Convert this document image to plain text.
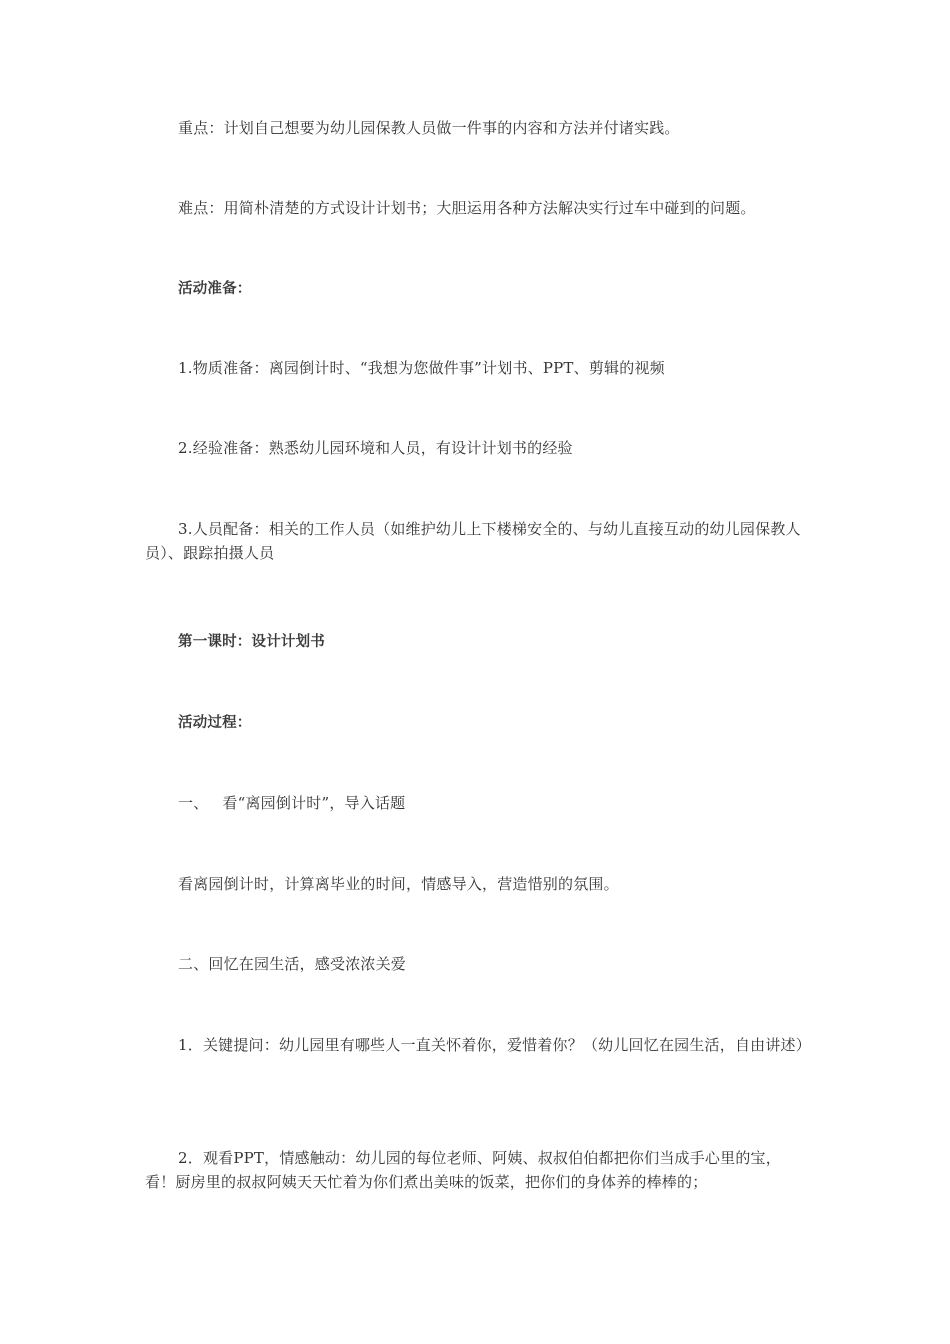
重点：计划自己想要为幼儿园保教人员做一件事的内容和方法并付诸实践。

难点：用简朴清楚的方式设计计划书；大胆运用各种方法解决实行过车中碰到的问题。

活动准备：

1.物质准备：离园倒计时、“我想为您做件事”计划书、PPT、剪辑的视频

2.经验准备：熟悉幼儿园环境和人员，有设计计划书的经验

3.人员配备：相关的工作人员（如维护幼儿上下楼梯安全的、与幼儿直接互动的幼儿园保教人员）、跟踪拍摄人员

第一课时：设计计划书

活动过程：

一、 看“离园倒计时”，导入话题

看离园倒计时，计算离毕业的时间，情感导入，营造惜别的氛围。

二、回忆在园生活，感受浓浓关爱

1．关键提问：幼儿园里有哪些人一直关怀着你，爱惜着你？（幼儿回忆在园生活，自由讲述）

2．观看PPT，情感触动：幼儿园的每位老师、阿姨、叔叔伯伯都把你们当成手心里的宝，看！厨房里的叔叔阿姨天天忙着为你们煮出美味的饭菜，把你们的身体养的棒棒的；
